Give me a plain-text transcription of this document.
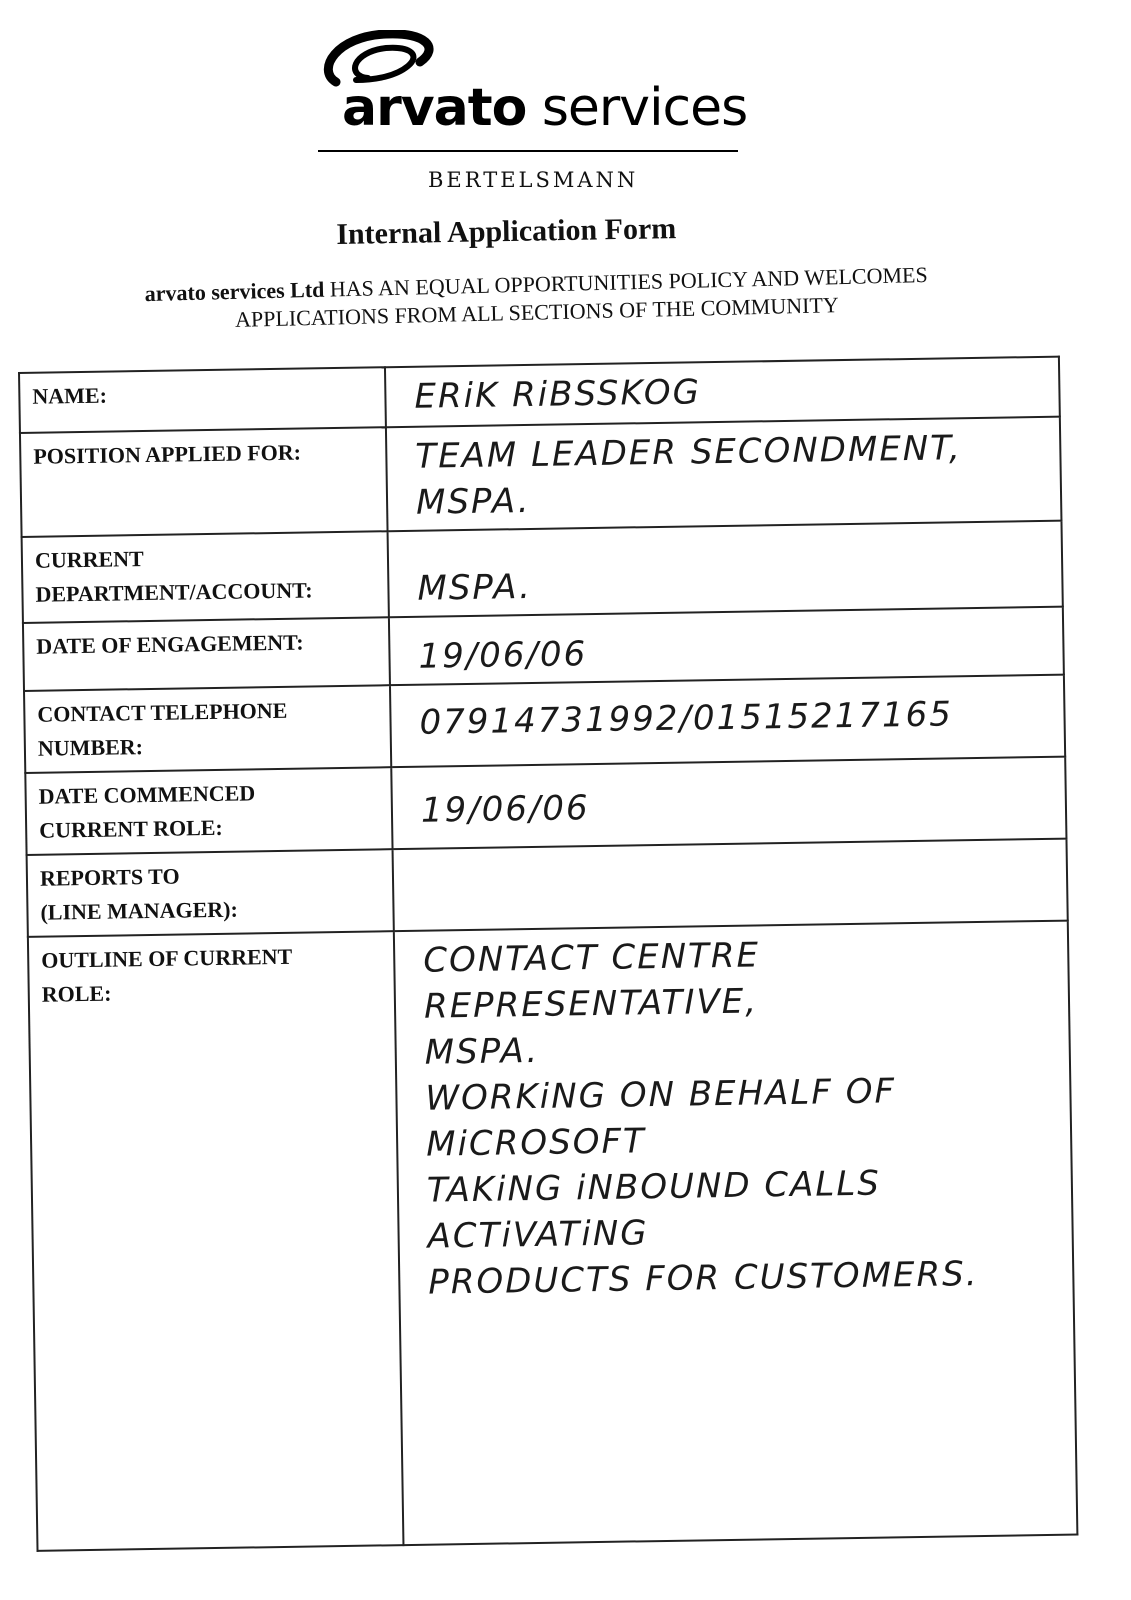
arvato services
BERTELSMANN
Internal Application Form
arvato services Ltd HAS AN EQUAL OPPORTUNITIES POLICY AND WELCOMES
APPLICATIONS FROM ALL SECTIONS OF THE COMMUNITY
NAME:	ERiK RiBSSKOG

POSITION APPLIED FOR:	TEAM LEADER SECONDMENT, MSPA.

CURRENT
DEPARTMENT/ACCOUNT:	MSPA.

DATE OF ENGAGEMENT:	19/06/06

CONTACT TELEPHONE
NUMBER:	07914731992/01515217165

DATE COMMENCED
CURRENT ROLE:	19/06/06

REPORTS TO
(LINE MANAGER):	

OUTLINE OF CURRENT
ROLE:	CONTACT CENTRE REPRESENTATIVE,
MSPA.
WORKiNG ON BEHALF OF MiCROSOFT
TAKiNG iNBOUND CALLS ACTiVATiNG
PRODUCTS FOR CUSTOMERS.
